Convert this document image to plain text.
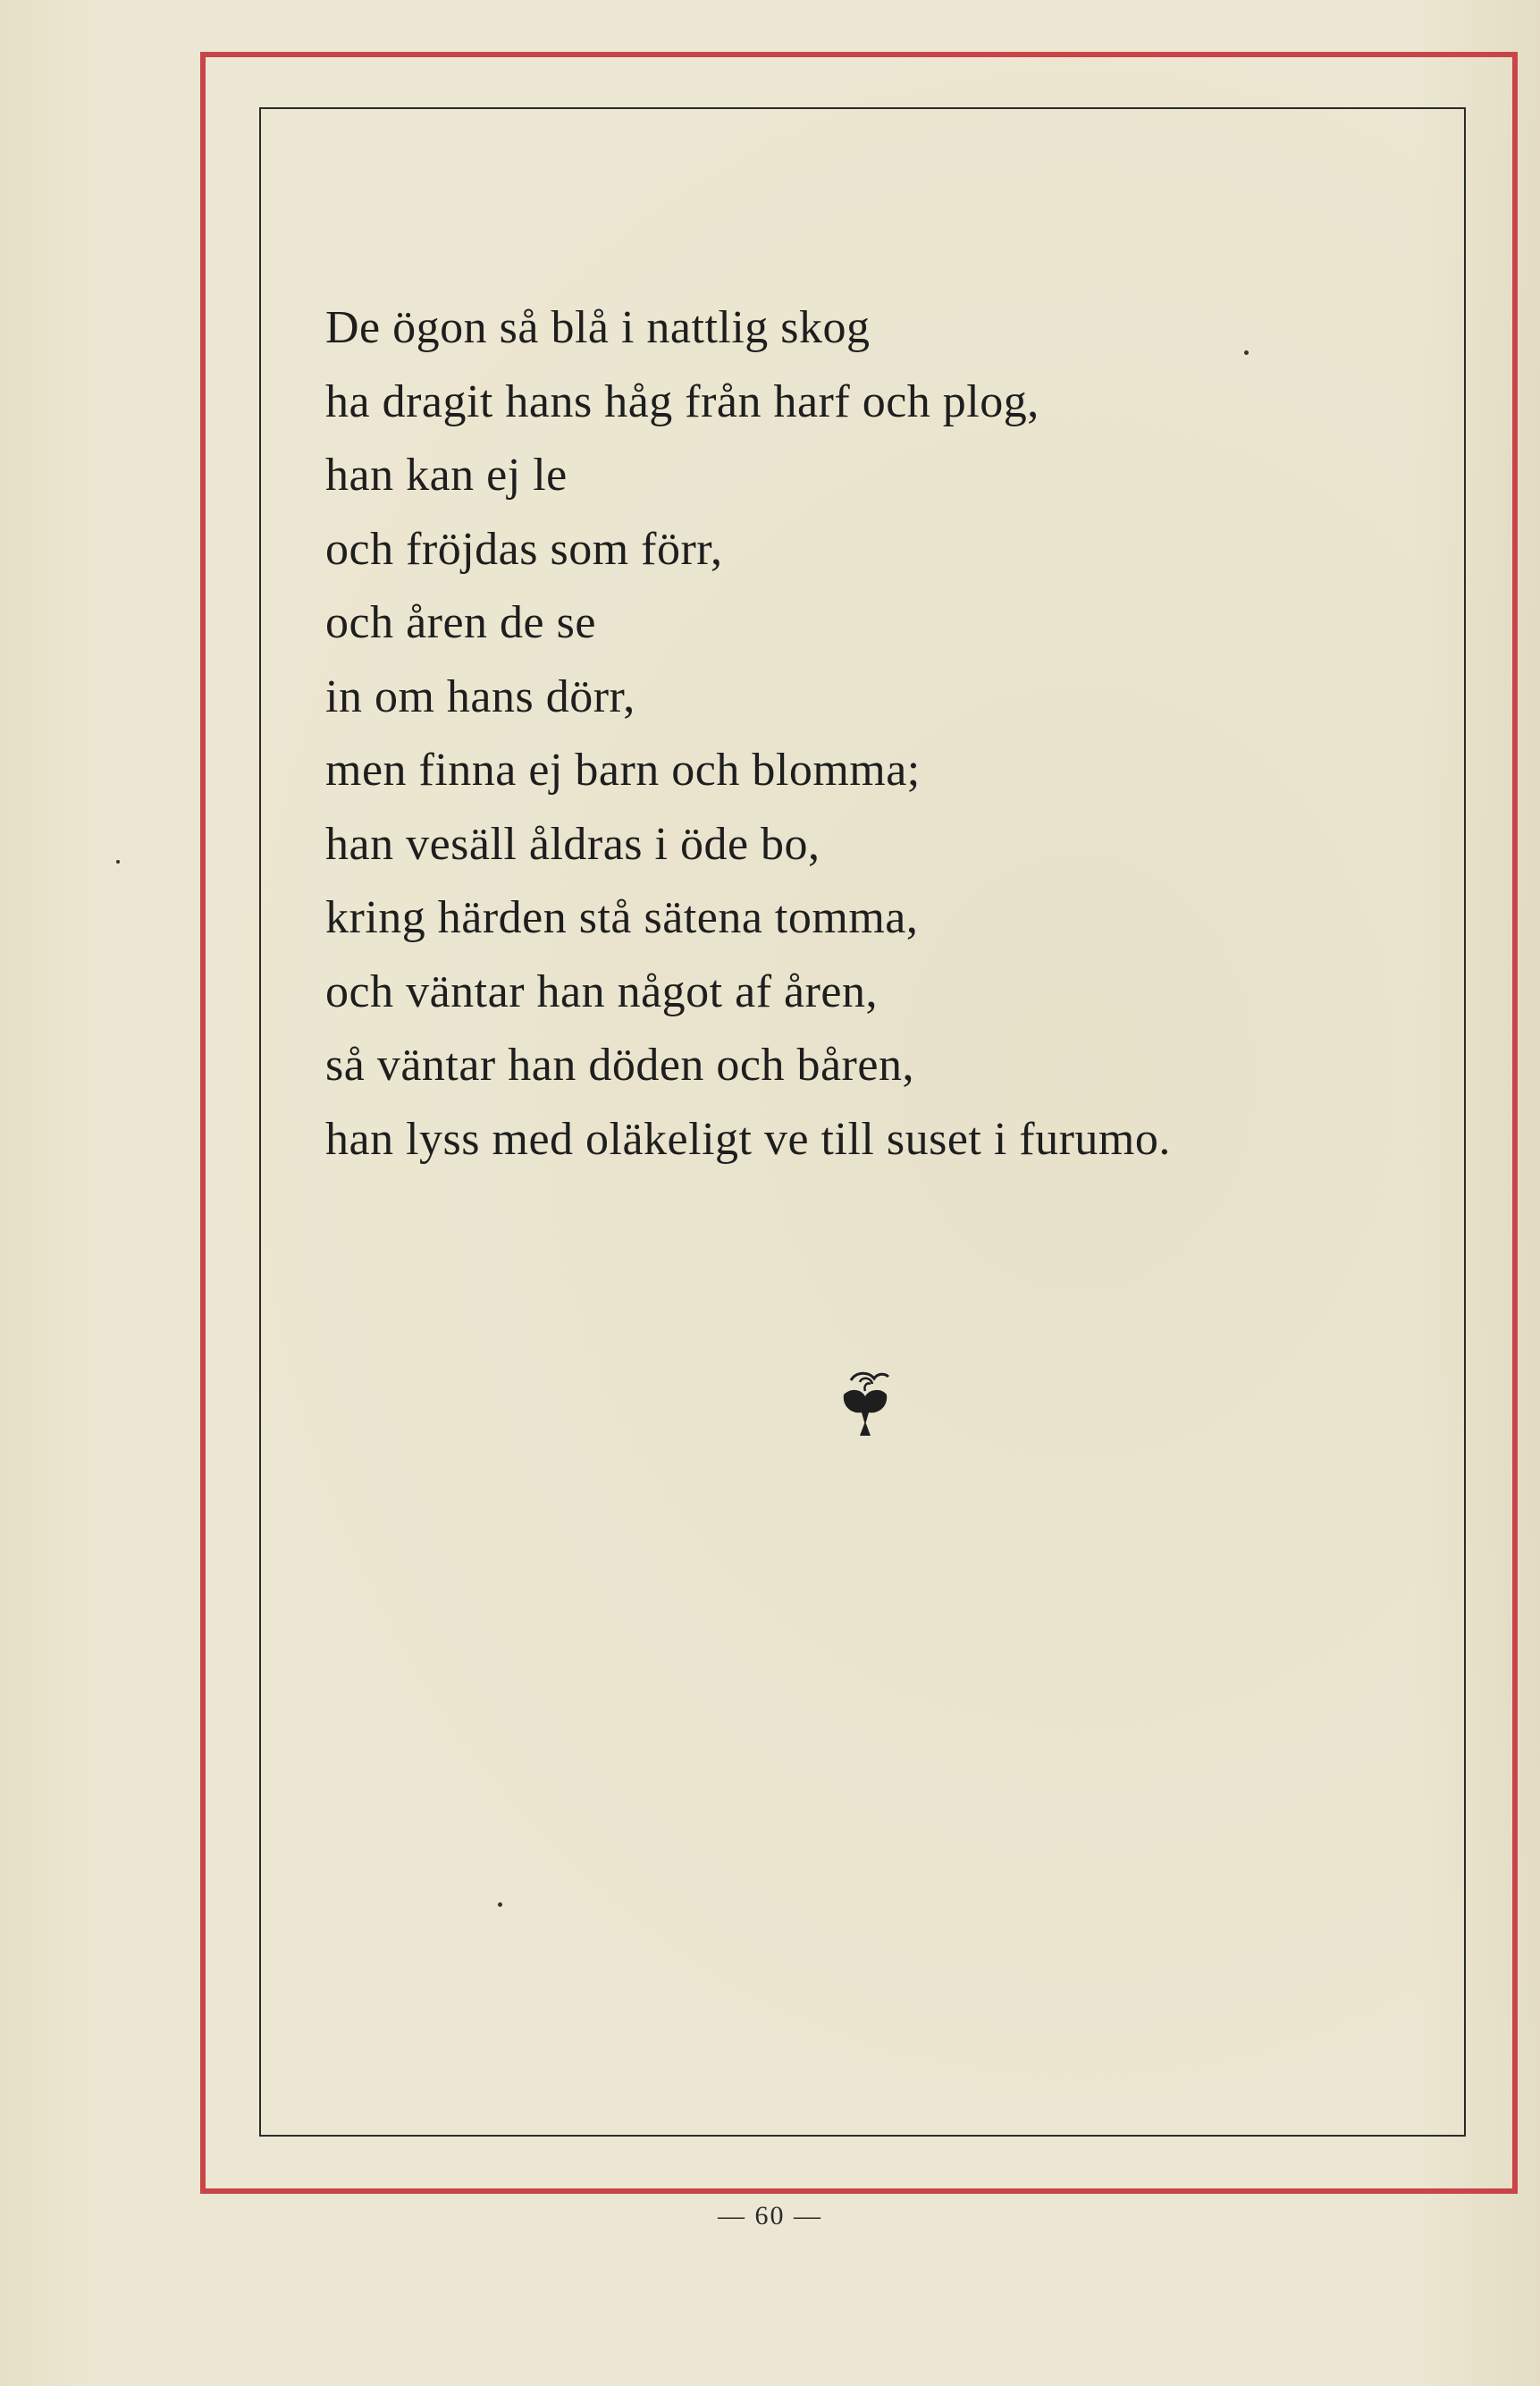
De ögon så blå i nattlig skog
ha dragit hans håg från harf och plog,
han kan ej le
och fröjdas som förr,
och åren de se
in om hans dörr,
men finna ej barn och blomma;
han vesäll åldras i öde bo,
kring härden stå sätena tomma,
och väntar han något af åren,
så väntar han döden och båren,
han lyss med oläkeligt ve till suset i furumo.
— 60 —
